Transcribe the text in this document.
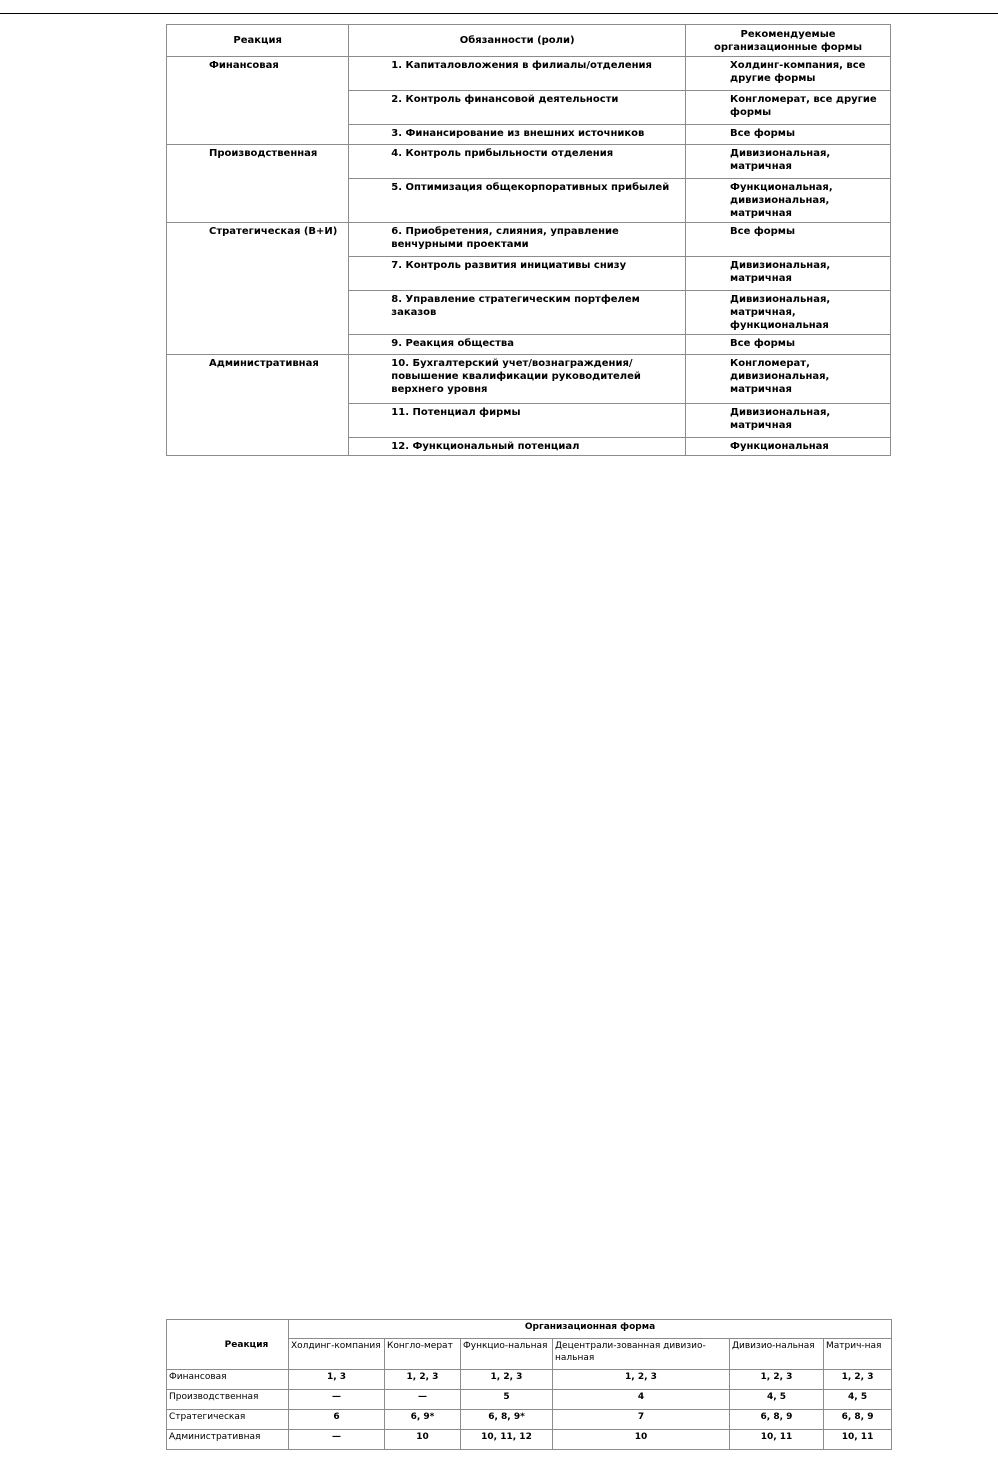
Реакция	Обязанности (роли)	Рекомендуемые организационные формы
Финансовая	1. Капиталовложения в филиалы/отделения	Холдинг-компания, все другие формы
	2. Контроль финансовой деятельности	Конгломерат, все другие формы
	3. Финансирование из внешних источников	Все формы
Производственная	4. Контроль прибыльности отделения	Дивизиональная, матричная
	5. Оптимизация общекорпоративных прибылей	Функциональная, дивизиональная, матричная
Стратегическая (В+И)	6. Приобретения, слияния, управление венчурными проектами	Все формы
	7. Контроль развития инициативы снизу	Дивизиональная, матричная
	8. Управление стратегическим портфелем заказов	Дивизиональная, матричная, функциональная
	9. Реакция общества	Все формы
Административная	10. Бухгалтерский учет/вознаграждения/повышение квалификации руководителей верхнего уровня	Конгломерат, дивизиональная, матричная
	11. Потенциал фирмы	Дивизиональная, матричная
	12. Функциональный потенциал	Функциональная
Реакция	Организационная форма					
	Холдинг-компания	Конгло-мерат	Функцио-нальная	Децентрали-зованная дивизио-нальная	Дивизио-нальная	Матрич-ная
Финансовая	1, 3	1, 2, 3	1, 2, 3	1, 2, 3	1, 2, 3	1, 2, 3
Производственная	—	—	5	4	4, 5	4, 5
Стратегическая	6	6, 9*	6, 8, 9*	7	6, 8, 9	6, 8, 9
Административная	—	10	10, 11, 12	10	10, 11	10, 11
